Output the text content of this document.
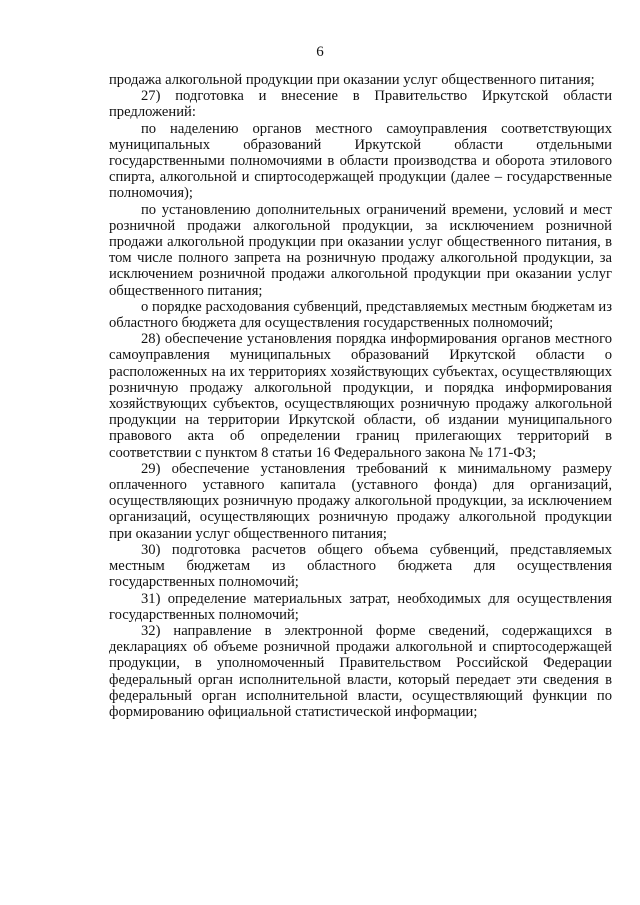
6

продажа алкогольной продукции при оказании услуг общественного питания;

27) подготовка и внесение в Правительство Иркутской области предложений:

по наделению органов местного самоуправления соответствующих муниципальных образований Иркутской области отдельными государственными полномочиями в области производства и оборота этилового спирта, алкогольной и спиртосодержащей продукции (далее – государственные полномочия);

по установлению дополнительных ограничений времени, условий и мест розничной продажи алкогольной продукции, за исключением розничной продажи алкогольной продукции при оказании услуг общественного питания, в том числе полного запрета на розничную продажу алкогольной продукции, за исключением розничной продажи алкогольной продукции при оказании услуг общественного питания;

о порядке расходования субвенций, представляемых местным бюджетам из областного бюджета для осуществления государственных полномочий;

28) обеспечение установления порядка информирования органов местного самоуправления муниципальных образований Иркутской области о расположенных на их территориях хозяйствующих субъектах, осуществляющих розничную продажу алкогольной продукции, и порядка информирования хозяйствующих субъектов, осуществляющих розничную продажу алкогольной продукции на территории Иркутской области, об издании муниципального правового акта об определении границ прилегающих территорий в соответствии с пунктом 8 статьи 16 Федерального закона № 171-ФЗ;

29) обеспечение установления требований к минимальному размеру оплаченного уставного капитала (уставного фонда) для организаций, осуществляющих розничную продажу алкогольной продукции, за исключением организаций, осуществляющих розничную продажу алкогольной продукции при оказании услуг общественного питания;

30) подготовка расчетов общего объема субвенций, представляемых местным бюджетам из областного бюджета для осуществления государственных полномочий;

31) определение материальных затрат, необходимых для осуществления государственных полномочий;

32) направление в электронной форме сведений, содержащихся в декларациях об объеме розничной продажи алкогольной и спиртосодержащей продукции, в уполномоченный Правительством Российской Федерации федеральный орган исполнительной власти, который передает эти сведения в федеральный орган исполнительной власти, осуществляющий функции по формированию официальной статистической информации;
